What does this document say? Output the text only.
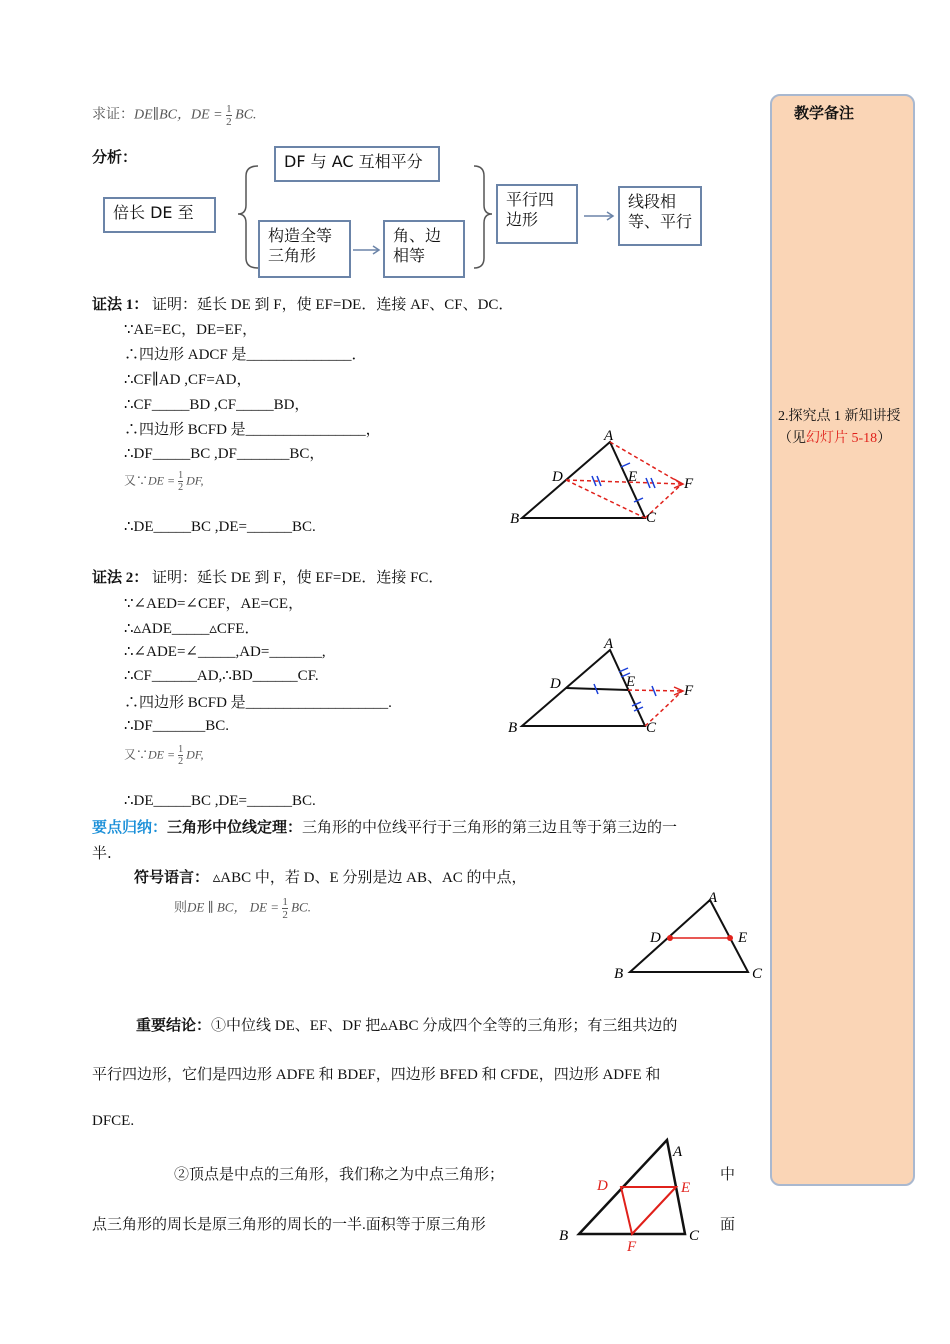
求证：DE∥BC，DE = $\frac{1}{2}$ BC.
分析：
倍长 DE 至
DF 与 AC 互相平分
构造全等三角形
角、边相等
平行四边形
线段相等、平行
证法 1： 证明：延长 DE 到 F，使 EF=DE．连接 AF、CF、DC．
∵AE=EC，DE=EF，
∴四边形 ADCF 是______________．
∴CF∥AD ,CF=AD，
∴CF_____BD ,CF_____BD，
∴四边形 BCFD 是________________，
∴DF_____BC ,DF_______BC，
又∵DE = $\frac{1}{2}$ DF,
∴DE_____BC ,DE=______BC.
A
B	C
D	E	F
证法 2： 证明：延长 DE 到 F，使 EF=DE．连接 FC．
∵∠AED=∠CEF，AE=CE，
∴▵ADE_____▵CFE．
∴∠ADE=∠_____,AD=_______,
∴CF______AD,∴BD______CF.
∴四边形 BCFD 是___________________.
∴DF_______BC.
又∵DE = $\frac{1}{2}$ DF,
∴DE_____BC ,DE=______BC.
A
B	C
D	E
F
要点归纳：三角形中位线定理：三角形的中位线平行于三角形的第三边且等于第三边的一
半.
符号语言： ▵ABC 中，若 D、E 分别是边 AB、AC 的中点，
则DE ∥ BC， DE = $\frac{1}{2}$ BC.
A
B	C
D	E
重要结论：①中位线 DE、EF、DF 把▵ABC 分成四个全等的三角形；有三组共边的
平行四边形，它们是四边形 ADFE 和 BDEF，四边形 BFED 和 CFDE，四边形 ADFE 和
DFCE.
②顶点是中点的三角形，我们称之为中点三角形；	中
点三角形的周长是原三角形的周长的一半.面积等于原三角形	面
A
B	C
D	E
F
教学备注
2.探究点 1 新知讲授
（见幻灯片 5-18）
